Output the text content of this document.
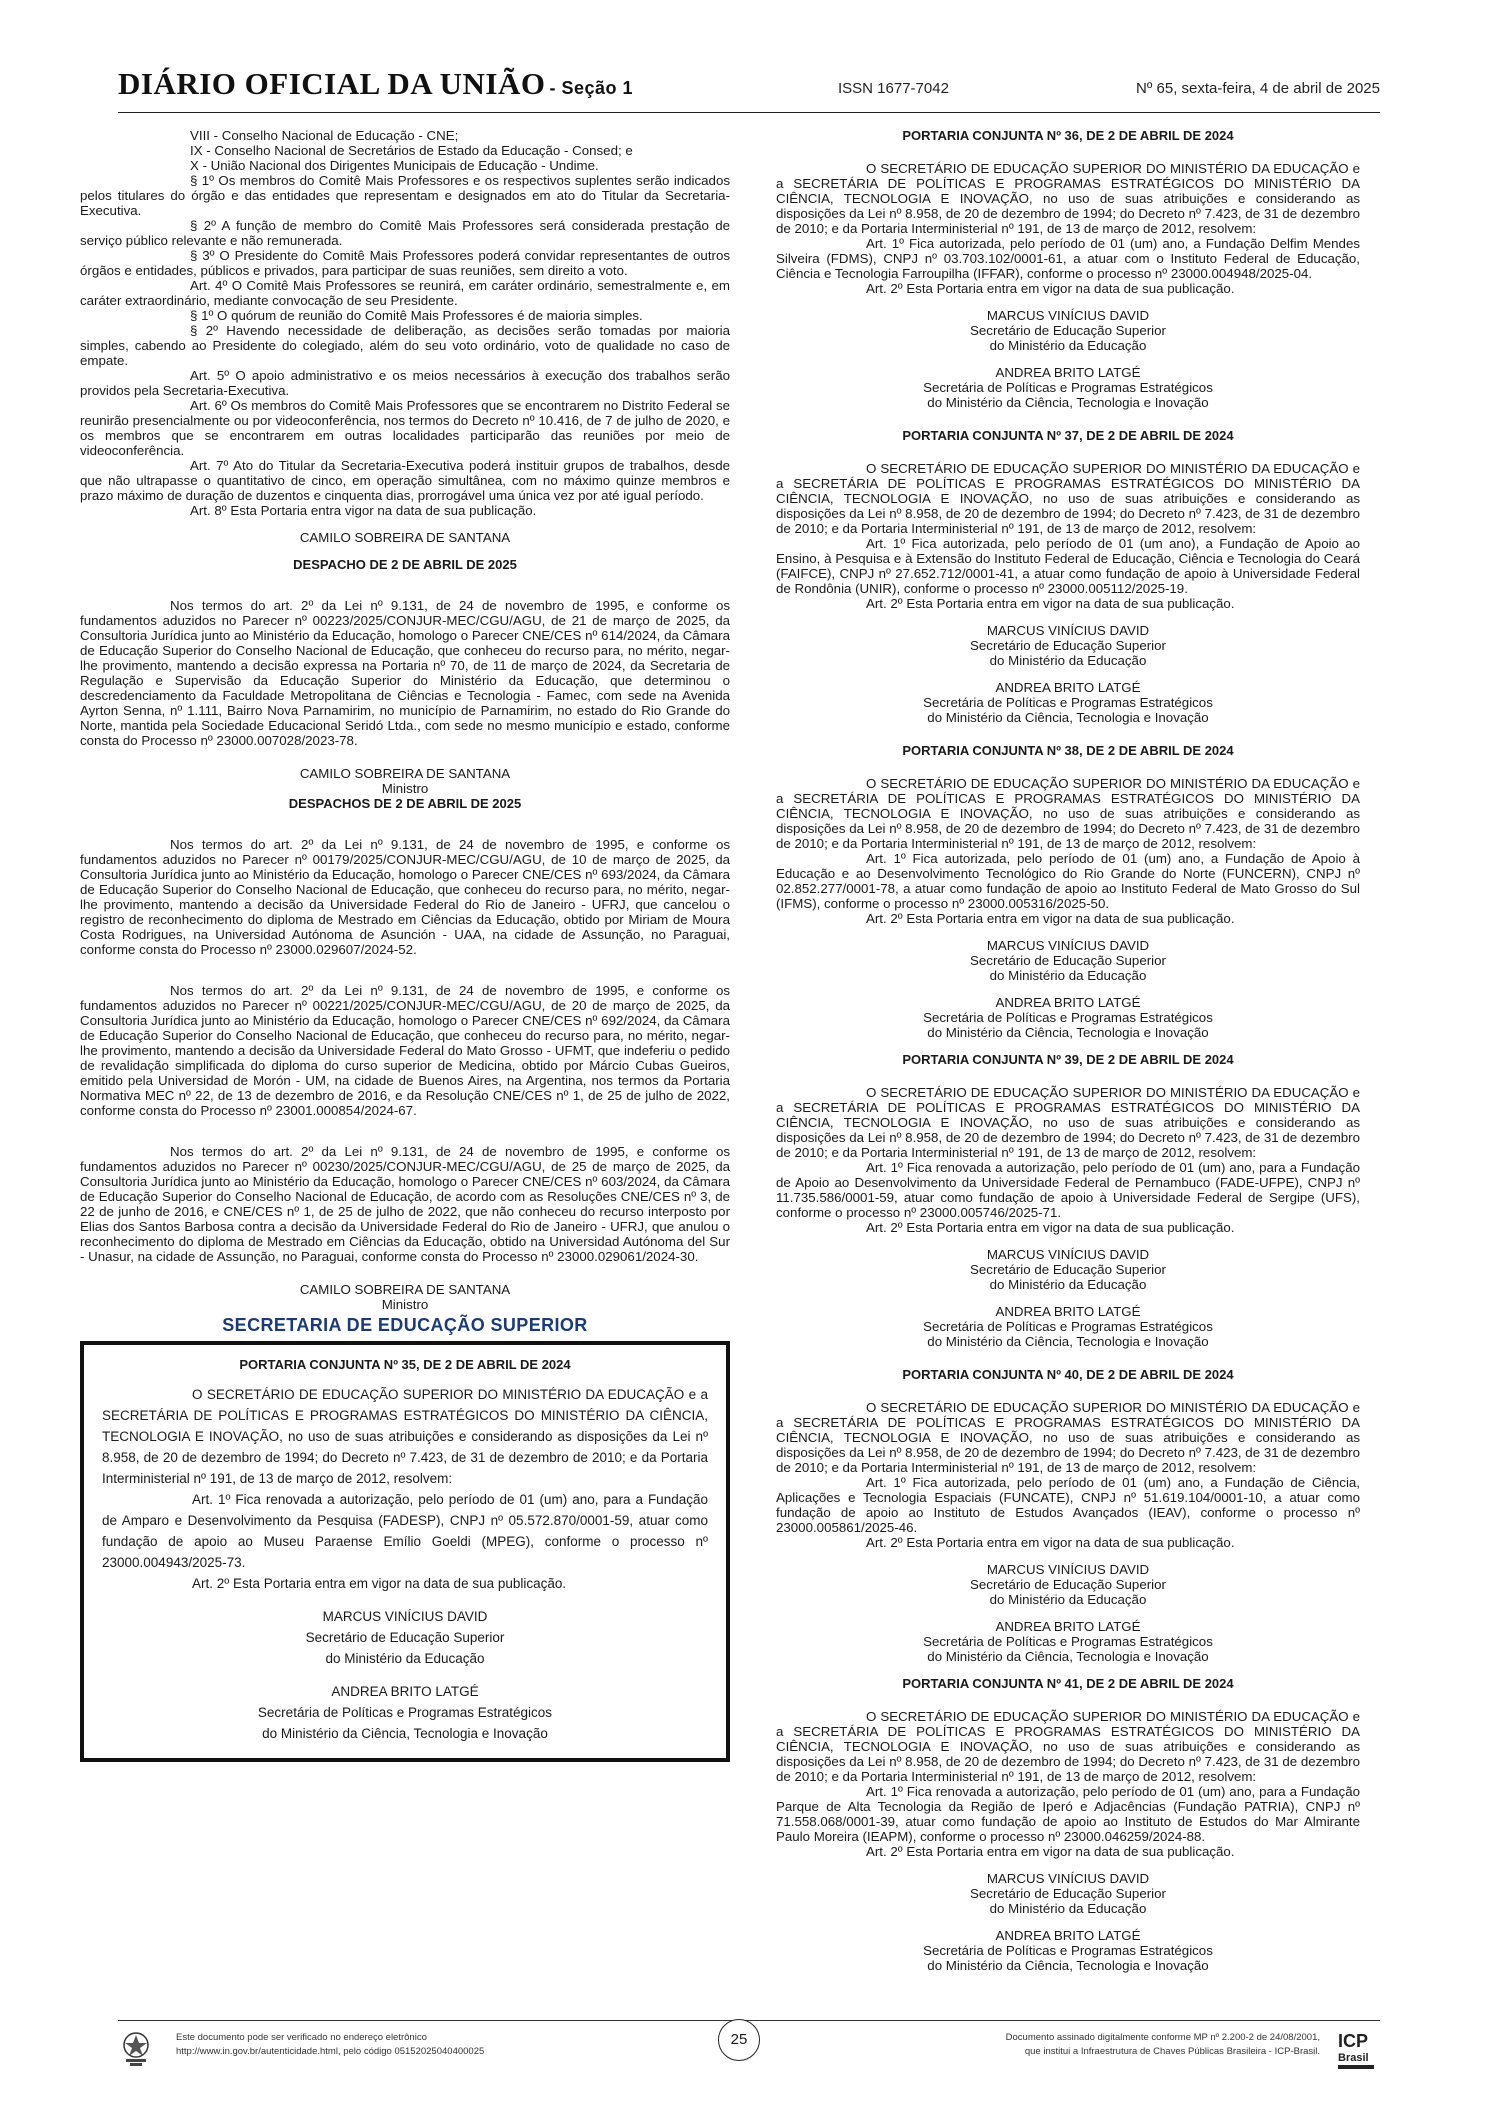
DIÁRIO OFICIAL DA UNIÃO - Seção 1	ISSN 1677-7042	Nº 65, sexta-feira, 4 de abril de 2025

VIII - Conselho Nacional de Educação - CNE;

IX - Conselho Nacional de Secretários de Estado da Educação - Consed; e

X - União Nacional dos Dirigentes Municipais de Educação - Undime.

§ 1º Os membros do Comitê Mais Professores e os respectivos suplentes serão indicados pelos titulares do órgão e das entidades que representam e designados em ato do Titular da Secretaria-Executiva.

§ 2º A função de membro do Comitê Mais Professores será considerada prestação de serviço público relevante e não remunerada.

§ 3º O Presidente do Comitê Mais Professores poderá convidar representantes de outros órgãos e entidades, públicos e privados, para participar de suas reuniões, sem direito a voto.

Art. 4º O Comitê Mais Professores se reunirá, em caráter ordinário, semestralmente e, em caráter extraordinário, mediante convocação de seu Presidente.

§ 1º O quórum de reunião do Comitê Mais Professores é de maioria simples.

§ 2º Havendo necessidade de deliberação, as decisões serão tomadas por maioria simples, cabendo ao Presidente do colegiado, além do seu voto ordinário, voto de qualidade no caso de empate.

Art. 5º O apoio administrativo e os meios necessários à execução dos trabalhos serão providos pela Secretaria-Executiva.

Art. 6º Os membros do Comitê Mais Professores que se encontrarem no Distrito Federal se reunirão presencialmente ou por videoconferência, nos termos do Decreto nº 10.416, de 7 de julho de 2020, e os membros que se encontrarem em outras localidades participarão das reuniões por meio de videoconferência.

Art. 7º Ato do Titular da Secretaria-Executiva poderá instituir grupos de trabalhos, desde que não ultrapasse o quantitativo de cinco, em operação simultânea, com no máximo quinze membros e prazo máximo de duração de duzentos e cinquenta dias, prorrogável uma única vez por até igual período.

Art. 8º Esta Portaria entra vigor na data de sua publicação.

CAMILO SOBREIRA DE SANTANA

DESPACHO DE 2 DE ABRIL DE 2025

Nos termos do art. 2º da Lei nº 9.131, de 24 de novembro de 1995, e conforme os fundamentos aduzidos no Parecer nº 00223/2025/CONJUR-MEC/CGU/AGU, de 21 de março de 2025, da Consultoria Jurídica junto ao Ministério da Educação, homologo o Parecer CNE/CES nº 614/2024, da Câmara de Educação Superior do Conselho Nacional de Educação, que conheceu do recurso para, no mérito, negar-lhe provimento, mantendo a decisão expressa na Portaria nº 70, de 11 de março de 2024, da Secretaria de Regulação e Supervisão da Educação Superior do Ministério da Educação, que determinou o descredenciamento da Faculdade Metropolitana de Ciências e Tecnologia - Famec, com sede na Avenida Ayrton Senna, nº 1.111, Bairro Nova Parnamirim, no município de Parnamirim, no estado do Rio Grande do Norte, mantida pela Sociedade Educacional Seridó Ltda., com sede no mesmo município e estado, conforme consta do Processo nº 23000.007028/2023-78.

CAMILO SOBREIRA DE SANTANA

Ministro

DESPACHOS DE 2 DE ABRIL DE 2025

Nos termos do art. 2º da Lei nº 9.131, de 24 de novembro de 1995, e conforme os fundamentos aduzidos no Parecer nº 00179/2025/CONJUR-MEC/CGU/AGU, de 10 de março de 2025, da Consultoria Jurídica junto ao Ministério da Educação, homologo o Parecer CNE/CES nº 693/2024, da Câmara de Educação Superior do Conselho Nacional de Educação, que conheceu do recurso para, no mérito, negar-lhe provimento, mantendo a decisão da Universidade Federal do Rio de Janeiro - UFRJ, que cancelou o registro de reconhecimento do diploma de Mestrado em Ciências da Educação, obtido por Miriam de Moura Costa Rodrigues, na Universidad Autónoma de Asunción - UAA, na cidade de Assunção, no Paraguai, conforme consta do Processo nº 23000.029607/2024-52.

Nos termos do art. 2º da Lei nº 9.131, de 24 de novembro de 1995, e conforme os fundamentos aduzidos no Parecer nº 00221/2025/CONJUR-MEC/CGU/AGU, de 20 de março de 2025, da Consultoria Jurídica junto ao Ministério da Educação, homologo o Parecer CNE/CES nº 692/2024, da Câmara de Educação Superior do Conselho Nacional de Educação, que conheceu do recurso para, no mérito, negar-lhe provimento, mantendo a decisão da Universidade Federal do Mato Grosso - UFMT, que indeferiu o pedido de revalidação simplificada do diploma do curso superior de Medicina, obtido por Márcio Cubas Gueiros, emitido pela Universidad de Morón - UM, na cidade de Buenos Aires, na Argentina, nos termos da Portaria Normativa MEC nº 22, de 13 de dezembro de 2016, e da Resolução CNE/CES nº 1, de 25 de julho de 2022, conforme consta do Processo nº 23001.000854/2024-67.

Nos termos do art. 2º da Lei nº 9.131, de 24 de novembro de 1995, e conforme os fundamentos aduzidos no Parecer nº 00230/2025/CONJUR-MEC/CGU/AGU, de 25 de março de 2025, da Consultoria Jurídica junto ao Ministério da Educação, homologo o Parecer CNE/CES nº 603/2024, da Câmara de Educação Superior do Conselho Nacional de Educação, de acordo com as Resoluções CNE/CES nº 3, de 22 de junho de 2016, e CNE/CES nº 1, de 25 de julho de 2022, que não conheceu do recurso interposto por Elias dos Santos Barbosa contra a decisão da Universidade Federal do Rio de Janeiro - UFRJ, que anulou o reconhecimento do diploma de Mestrado em Ciências da Educação, obtido na Universidad Autónoma del Sur - Unasur, na cidade de Assunção, no Paraguai, conforme consta do Processo nº 23000.029061/2024-30.

CAMILO SOBREIRA DE SANTANA

Ministro

SECRETARIA DE EDUCAÇÃO SUPERIOR

PORTARIA CONJUNTA Nº 35, DE 2 DE ABRIL DE 2024

O SECRETÁRIO DE EDUCAÇÃO SUPERIOR DO MINISTÉRIO DA EDUCAÇÃO e a SECRETÁRIA DE POLÍTICAS E PROGRAMAS ESTRATÉGICOS DO MINISTÉRIO DA CIÊNCIA, TECNOLOGIA E INOVAÇÃO, no uso de suas atribuições e considerando as disposições da Lei nº 8.958, de 20 de dezembro de 1994; do Decreto nº 7.423, de 31 de dezembro de 2010; e da Portaria Interministerial nº 191, de 13 de março de 2012, resolvem:

Art. 1º Fica renovada a autorização, pelo período de 01 (um) ano, para a Fundação de Amparo e Desenvolvimento da Pesquisa (FADESP), CNPJ nº 05.572.870/0001-59, atuar como fundação de apoio ao Museu Paraense Emílio Goeldi (MPEG), conforme o processo nº 23000.004943/2025-73.

Art. 2º Esta Portaria entra em vigor na data de sua publicação.

MARCUS VINÍCIUS DAVID

Secretário de Educação Superior

do Ministério da Educação

ANDREA BRITO LATGÉ

Secretária de Políticas e Programas Estratégicos

do Ministério da Ciência, Tecnologia e Inovação

PORTARIA CONJUNTA Nº 36, DE 2 DE ABRIL DE 2024

O SECRETÁRIO DE EDUCAÇÃO SUPERIOR DO MINISTÉRIO DA EDUCAÇÃO e a SECRETÁRIA DE POLÍTICAS E PROGRAMAS ESTRATÉGICOS DO MINISTÉRIO DA CIÊNCIA, TECNOLOGIA E INOVAÇÃO, no uso de suas atribuições e considerando as disposições da Lei nº 8.958, de 20 de dezembro de 1994; do Decreto nº 7.423, de 31 de dezembro de 2010; e da Portaria Interministerial nº 191, de 13 de março de 2012, resolvem:

Art. 1º Fica autorizada, pelo período de 01 (um) ano, a Fundação Delfim Mendes Silveira (FDMS), CNPJ nº 03.703.102/0001-61, a atuar com o Instituto Federal de Educação, Ciência e Tecnologia Farroupilha (IFFAR), conforme o processo nº 23000.004948/2025-04.

Art. 2º Esta Portaria entra em vigor na data de sua publicação.

MARCUS VINÍCIUS DAVID

Secretário de Educação Superior

do Ministério da Educação

ANDREA BRITO LATGÉ

Secretária de Políticas e Programas Estratégicos

do Ministério da Ciência, Tecnologia e Inovação

PORTARIA CONJUNTA Nº 37, DE 2 DE ABRIL DE 2024

O SECRETÁRIO DE EDUCAÇÃO SUPERIOR DO MINISTÉRIO DA EDUCAÇÃO e a SECRETÁRIA DE POLÍTICAS E PROGRAMAS ESTRATÉGICOS DO MINISTÉRIO DA CIÊNCIA, TECNOLOGIA E INOVAÇÃO, no uso de suas atribuições e considerando as disposições da Lei nº 8.958, de 20 de dezembro de 1994; do Decreto nº 7.423, de 31 de dezembro de 2010; e da Portaria Interministerial nº 191, de 13 de março de 2012, resolvem:

Art. 1º Fica autorizada, pelo período de 01 (um ano), a Fundação de Apoio ao Ensino, à Pesquisa e à Extensão do Instituto Federal de Educação, Ciência e Tecnologia do Ceará (FAIFCE), CNPJ nº 27.652.712/0001-41, a atuar como fundação de apoio à Universidade Federal de Rondônia (UNIR), conforme o processo nº 23000.005112/2025-19.

Art. 2º Esta Portaria entra em vigor na data de sua publicação.

MARCUS VINÍCIUS DAVID

Secretário de Educação Superior

do Ministério da Educação

ANDREA BRITO LATGÉ

Secretária de Políticas e Programas Estratégicos

do Ministério da Ciência, Tecnologia e Inovação

PORTARIA CONJUNTA Nº 38, DE 2 DE ABRIL DE 2024

O SECRETÁRIO DE EDUCAÇÃO SUPERIOR DO MINISTÉRIO DA EDUCAÇÃO e a SECRETÁRIA DE POLÍTICAS E PROGRAMAS ESTRATÉGICOS DO MINISTÉRIO DA CIÊNCIA, TECNOLOGIA E INOVAÇÃO, no uso de suas atribuições e considerando as disposições da Lei nº 8.958, de 20 de dezembro de 1994; do Decreto nº 7.423, de 31 de dezembro de 2010; e da Portaria Interministerial nº 191, de 13 de março de 2012, resolvem:

Art. 1º Fica autorizada, pelo período de 01 (um) ano, a Fundação de Apoio à Educação e ao Desenvolvimento Tecnológico do Rio Grande do Norte (FUNCERN), CNPJ nº 02.852.277/0001-78, a atuar como fundação de apoio ao Instituto Federal de Mato Grosso do Sul (IFMS), conforme o processo nº 23000.005316/2025-50.

Art. 2º Esta Portaria entra em vigor na data de sua publicação.

MARCUS VINÍCIUS DAVID

Secretário de Educação Superior

do Ministério da Educação

ANDREA BRITO LATGÉ

Secretária de Políticas e Programas Estratégicos

do Ministério da Ciência, Tecnologia e Inovação

PORTARIA CONJUNTA Nº 39, DE 2 DE ABRIL DE 2024

O SECRETÁRIO DE EDUCAÇÃO SUPERIOR DO MINISTÉRIO DA EDUCAÇÃO e a SECRETÁRIA DE POLÍTICAS E PROGRAMAS ESTRATÉGICOS DO MINISTÉRIO DA CIÊNCIA, TECNOLOGIA E INOVAÇÃO, no uso de suas atribuições e considerando as disposições da Lei nº 8.958, de 20 de dezembro de 1994; do Decreto nº 7.423, de 31 de dezembro de 2010; e da Portaria Interministerial nº 191, de 13 de março de 2012, resolvem:

Art. 1º Fica renovada a autorização, pelo período de 01 (um) ano, para a Fundação de Apoio ao Desenvolvimento da Universidade Federal de Pernambuco (FADE-UFPE), CNPJ nº 11.735.586/0001-59, atuar como fundação de apoio à Universidade Federal de Sergipe (UFS), conforme o processo nº 23000.005746/2025-71.

Art. 2º Esta Portaria entra em vigor na data de sua publicação.

MARCUS VINÍCIUS DAVID

Secretário de Educação Superior

do Ministério da Educação

ANDREA BRITO LATGÉ

Secretária de Políticas e Programas Estratégicos

do Ministério da Ciência, Tecnologia e Inovação

PORTARIA CONJUNTA Nº 40, DE 2 DE ABRIL DE 2024

O SECRETÁRIO DE EDUCAÇÃO SUPERIOR DO MINISTÉRIO DA EDUCAÇÃO e a SECRETÁRIA DE POLÍTICAS E PROGRAMAS ESTRATÉGICOS DO MINISTÉRIO DA CIÊNCIA, TECNOLOGIA E INOVAÇÃO, no uso de suas atribuições e considerando as disposições da Lei nº 8.958, de 20 de dezembro de 1994; do Decreto nº 7.423, de 31 de dezembro de 2010; e da Portaria Interministerial nº 191, de 13 de março de 2012, resolvem:

Art. 1º Fica autorizada, pelo período de 01 (um) ano, a Fundação de Ciência, Aplicações e Tecnologia Espaciais (FUNCATE), CNPJ nº 51.619.104/0001-10, a atuar como fundação de apoio ao Instituto de Estudos Avançados (IEAV), conforme o processo nº 23000.005861/2025-46.

Art. 2º Esta Portaria entra em vigor na data de sua publicação.

MARCUS VINÍCIUS DAVID

Secretário de Educação Superior

do Ministério da Educação

ANDREA BRITO LATGÉ

Secretária de Políticas e Programas Estratégicos

do Ministério da Ciência, Tecnologia e Inovação

PORTARIA CONJUNTA Nº 41, DE 2 DE ABRIL DE 2024

O SECRETÁRIO DE EDUCAÇÃO SUPERIOR DO MINISTÉRIO DA EDUCAÇÃO e a SECRETÁRIA DE POLÍTICAS E PROGRAMAS ESTRATÉGICOS DO MINISTÉRIO DA CIÊNCIA, TECNOLOGIA E INOVAÇÃO, no uso de suas atribuições e considerando as disposições da Lei nº 8.958, de 20 de dezembro de 1994; do Decreto nº 7.423, de 31 de dezembro de 2010; e da Portaria Interministerial nº 191, de 13 de março de 2012, resolvem:

Art. 1º Fica renovada a autorização, pelo período de 01 (um) ano, para a Fundação Parque de Alta Tecnologia da Região de Iperó e Adjacências (Fundação PATRIA), CNPJ nº 71.558.068/0001-39, atuar como fundação de apoio ao Instituto de Estudos do Mar Almirante Paulo Moreira (IEAPM), conforme o processo nº 23000.046259/2024-88.

Art. 2º Esta Portaria entra em vigor na data de sua publicação.

MARCUS VINÍCIUS DAVID

Secretário de Educação Superior

do Ministério da Educação

ANDREA BRITO LATGÉ

Secretária de Políticas e Programas Estratégicos

do Ministério da Ciência, Tecnologia e Inovação

Este documento pode ser verificado no endereço eletrônico
http://www.in.gov.br/autenticidade.html, pelo código 05152025040400025
25	Documento assinado digitalmente conforme MP nº 2.200-2 de 24/08/2001,
que institui a Infraestrutura de Chaves Públicas Brasileira - ICP-Brasil.
ICP
Brasil
